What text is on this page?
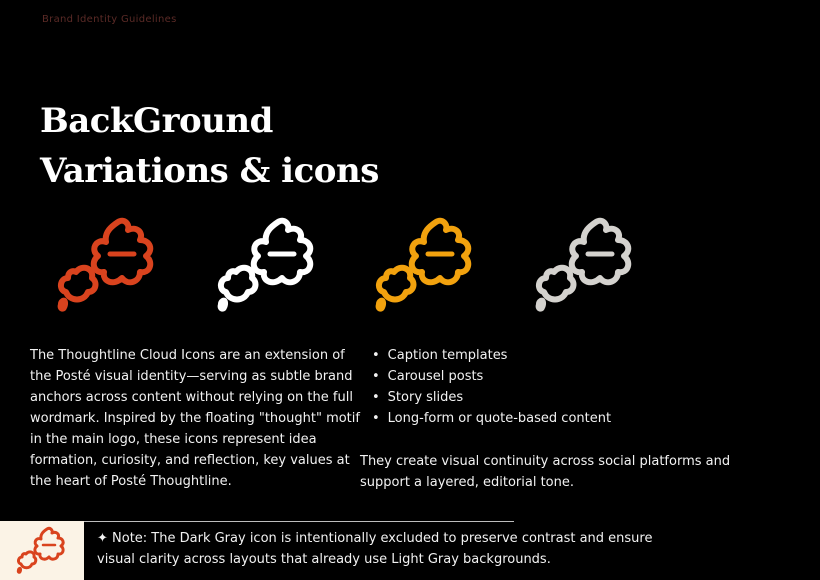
Brand Identity Guidelines
BackGround
Variations & icons

The Thoughtline Cloud Icons are an extension of the Posté visual identity—serving as subtle brand anchors across content without relying on the full wordmark. Inspired by the floating "thought" motif in the main logo, these icons represent idea formation, curiosity, and reflection, key values at the heart of Posté Thoughtline.

• Caption templates
• Carousel posts
• Story slides
• Long-form or quote-based content

They create visual continuity across social platforms and support a layered, editorial tone.

✦ Note: The Dark Gray icon is intentionally excluded to preserve contrast and ensure visual clarity across layouts that already use Light Gray backgrounds.
